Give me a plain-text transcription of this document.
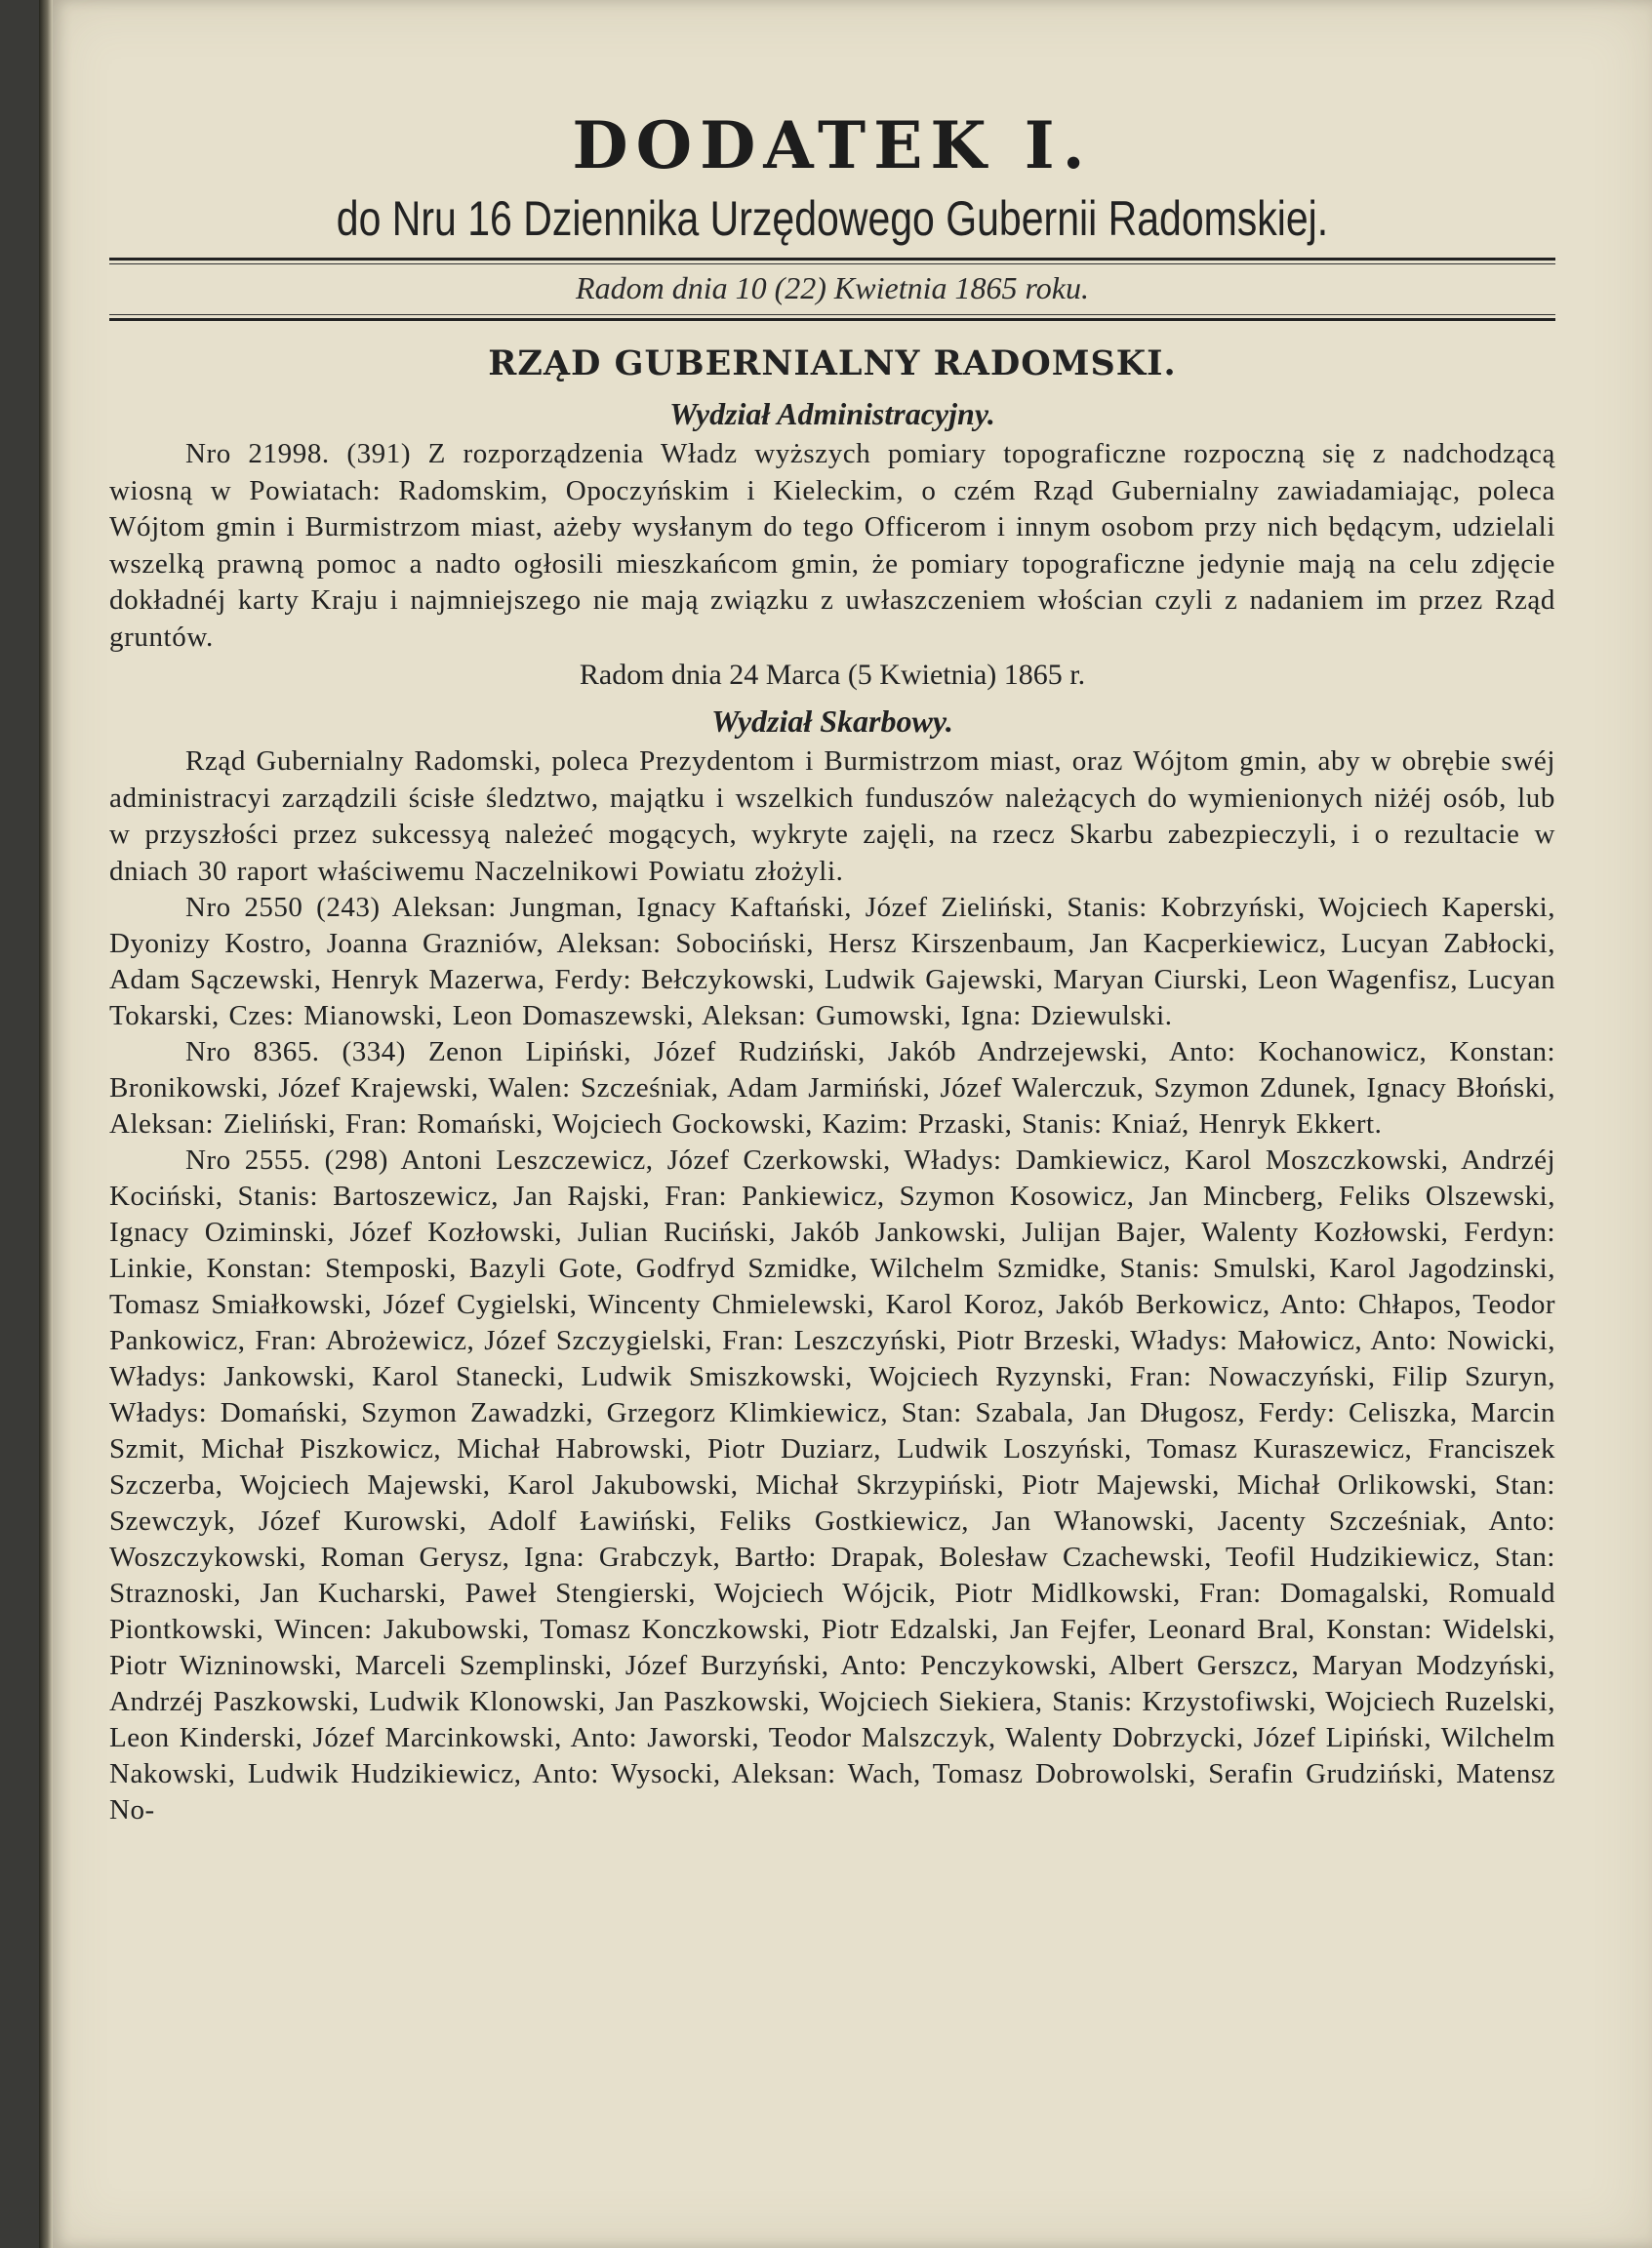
DODATEK I.
do Nru 16 Dziennika Urzędowego Gubernii Radomskiej.
Radom dnia 10 (22) Kwietnia 1865 roku.
RZĄD GUBERNIALNY RADOMSKI.
Wydział Administracyjny.

Nro 21998. (391) Z rozporządzenia Władz wyższych pomiary topograficzne rozpoczną się z nadchodzącą wiosną w Powiatach: Radomskim, Opoczyńskim i Kieleckim, o czém Rząd Gubernialny zawiadamiając, poleca Wójtom gmin i Burmistrzom miast, ażeby wysłanym do tego Officerom i innym osobom przy nich będącym, udzielali wszelką prawną pomoc a nadto ogłosili mieszkańcom gmin, że pomiary topograficzne jedynie mają na celu zdjęcie dokładnéj karty Kraju i najmniejszego nie mają związku z uwłaszczeniem włościan czyli z nadaniem im przez Rząd gruntów.

Radom dnia 24 Marca (5 Kwietnia) 1865 r.
Wydział Skarbowy.

Rząd Gubernialny Radomski, poleca Prezydentom i Burmistrzom miast, oraz Wójtom gmin, aby w obrębie swéj administracyi zarządzili ścisłe śledztwo, majątku i wszelkich funduszów należących do wymienionych niżéj osób, lub w przyszłości przez sukcessyą należeć mogących, wykryte zajęli, na rzecz Skarbu zabezpieczyli, i o rezultacie w dniach 30 raport właściwemu Naczelnikowi Powiatu złożyli.

Nro 2550 (243) Aleksan: Jungman, Ignacy Kaftański, Józef Zieliński, Stanis: Kobrzyński, Wojciech Kaperski, Dyonizy Kostro, Joanna Grazniów, Aleksan: Sobociński, Hersz Kirszenbaum, Jan Kacperkiewicz, Lucyan Zabłocki, Adam Sączewski, Henryk Mazerwa, Ferdy: Bełczykowski, Ludwik Gajewski, Maryan Ciurski, Leon Wagenfisz, Lucyan Tokarski, Czes: Mianowski, Leon Domaszewski, Aleksan: Gumowski, Igna: Dziewulski.

Nro 8365. (334) Zenon Lipiński, Józef Rudziński, Jakób Andrzejewski, Anto: Kochanowicz, Konstan: Bronikowski, Józef Krajewski, Walen: Szcześniak, Adam Jarmiński, Józef Walerczuk, Szymon Zdunek, Ignacy Błoński, Aleksan: Zieliński, Fran: Romański, Wojciech Gockowski, Kazim: Przaski, Stanis: Kniaź, Henryk Ekkert.

Nro 2555. (298) Antoni Leszczewicz, Józef Czerkowski, Władys: Damkiewicz, Karol Moszczkowski, Andrzéj Kociński, Stanis: Bartoszewicz, Jan Rajski, Fran: Pankiewicz, Szymon Kosowicz, Jan Mincberg, Feliks Olszewski, Ignacy Oziminski, Józef Kozłowski, Julian Ruciński, Jakób Jankowski, Julijan Bajer, Walenty Kozłowski, Ferdyn: Linkie, Konstan: Stemposki, Bazyli Gote, Godfryd Szmidke, Wilchelm Szmidke, Stanis: Smulski, Karol Jagodzinski, Tomasz Smiałkowski, Józef Cygielski, Wincenty Chmielewski, Karol Koroz, Jakób Berkowicz, Anto: Chłapos, Teodor Pankowicz, Fran: Abrożewicz, Józef Szczygielski, Fran: Leszczyński, Piotr Brzeski, Władys: Małowicz, Anto: Nowicki, Władys: Jankowski, Karol Stanecki, Ludwik Smiszkowski, Wojciech Ryzynski, Fran: Nowaczyński, Filip Szuryn, Władys: Domański, Szymon Zawadzki, Grzegorz Klimkiewicz, Stan: Szabala, Jan Długosz, Ferdy: Celiszka, Marcin Szmit, Michał Piszkowicz, Michał Habrowski, Piotr Duziarz, Ludwik Loszyński, Tomasz Kuraszewicz, Franciszek Szczerba, Wojciech Majewski, Karol Jakubowski, Michał Skrzypiński, Piotr Majewski, Michał Orlikowski, Stan: Szewczyk, Józef Kurowski, Adolf Ławiński, Feliks Gostkiewicz, Jan Włanowski, Jacenty Szcześniak, Anto: Woszczykowski, Roman Gerysz, Igna: Grabczyk, Bartło: Drapak, Bolesław Czachewski, Teofil Hudzikiewicz, Stan: Straznoski, Jan Kucharski, Paweł Stengierski, Wojciech Wójcik, Piotr Midlkowski, Fran: Domagalski, Romuald Piontkowski, Wincen: Jakubowski, Tomasz Konczkowski, Piotr Edzalski, Jan Fejfer, Leonard Bral, Konstan: Widelski, Piotr Wizninowski, Marceli Szemplinski, Józef Burzyński, Anto: Penczykowski, Albert Gerszcz, Maryan Modzyński, Andrzéj Paszkowski, Ludwik Klonowski, Jan Paszkowski, Wojciech Siekiera, Stanis: Krzystofiwski, Wojciech Ruzelski, Leon Kinderski, Józef Marcinkowski, Anto: Jaworski, Teodor Malszczyk, Walenty Dobrzycki, Józef Lipiński, Wilchelm Nakowski, Ludwik Hudzikiewicz, Anto: Wysocki, Aleksan: Wach, Tomasz Dobrowolski, Serafin Grudziński, Matensz No-
